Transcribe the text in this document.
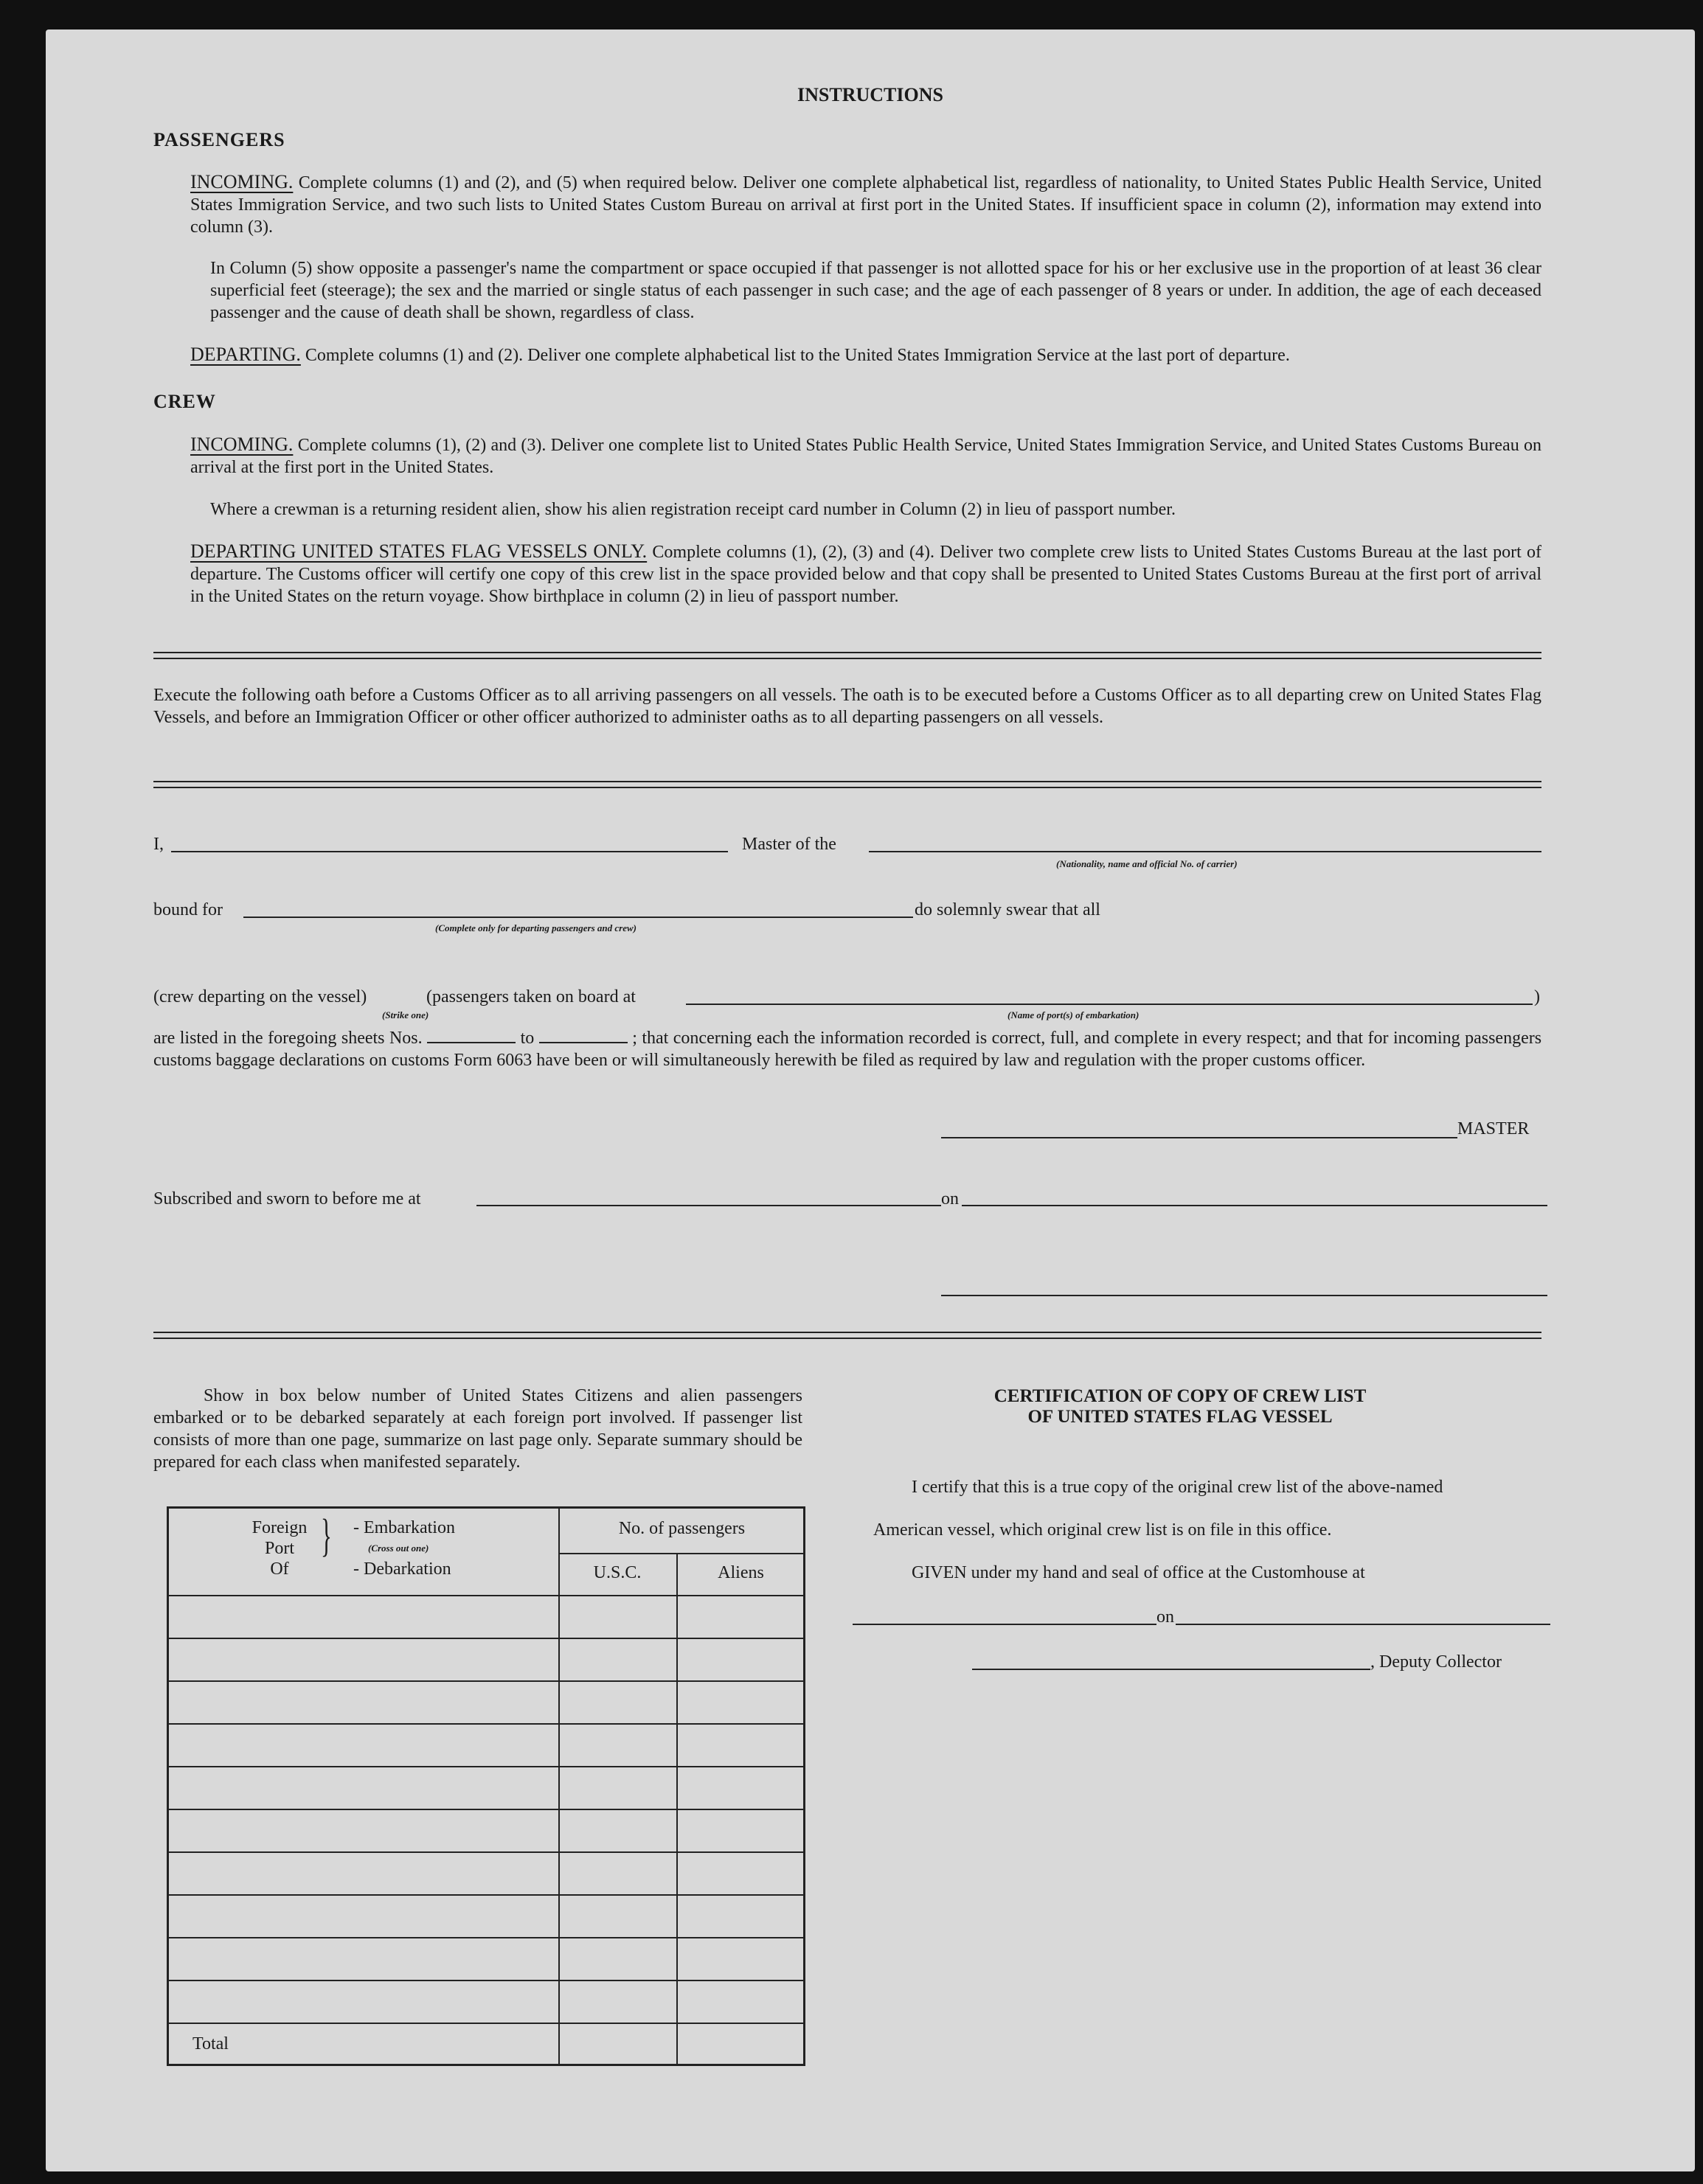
INSTRUCTIONS
PASSENGERS
INCOMING. Complete columns (1) and (2), and (5) when required below. Deliver one complete alphabetical list, regardless of nationality, to United States Public Health Service, United States Immigration Service, and two such lists to United States Custom Bureau on arrival at first port in the United States. If insufficient space in column (2), information may extend into column (3).
In Column (5) show opposite a passenger's name the compartment or space occupied if that passenger is not allotted space for his or her exclusive use in the proportion of at least 36 clear superficial feet (steerage); the sex and the married or single status of each passenger in such case; and the age of each passenger of 8 years or under. In addition, the age of each deceased passenger and the cause of death shall be shown, regardless of class.
DEPARTING. Complete columns (1) and (2). Deliver one complete alphabetical list to the United States Immigration Service at the last port of departure.
CREW
INCOMING. Complete columns (1), (2) and (3). Deliver one complete list to United States Public Health Service, United States Immigration Service, and United States Customs Bureau on arrival at the first port in the United States.
Where a crewman is a returning resident alien, show his alien registration receipt card number in Column (2) in lieu of passport number.
DEPARTING UNITED STATES FLAG VESSELS ONLY. Complete columns (1), (2), (3) and (4). Deliver two complete crew lists to United States Customs Bureau at the last port of departure. The Customs officer will certify one copy of this crew list in the space provided below and that copy shall be presented to United States Customs Bureau at the first port of arrival in the United States on the return voyage. Show birthplace in column (2) in lieu of passport number.
Execute the following oath before a Customs Officer as to all arriving passengers on all vessels. The oath is to be executed before a Customs Officer as to all departing crew on United States Flag Vessels, and before an Immigration Officer or other officer authorized to administer oaths as to all departing passengers on all vessels.
I,	Master of the
(Nationality, name and official No. of carrier)
bound for
(Complete only for departing passengers and crew)
do solemnly swear that all
(crew departing on the vessel)
(Strike one)
(passengers taken on board at
(Name of port(s) of embarkation)
)
are listed in the foregoing sheets Nos.	to	; that concerning each the information recorded is correct, full, and complete in every respect; and that for incoming passengers customs baggage declarations on customs Form 6063 have been or will simultaneously herewith be filed as required by law and regulation with the proper customs officer.
MASTER
Subscribed and sworn to before me at	on
Show in box below number of United States Citizens and alien passengers embarked or to be debarked separately at each foreign port involved. If passenger list consists of more than one page, summarize on last page only. Separate summary should be prepared for each class when manifested separately.
Foreign
Port
Of
} - Embarkation
(Cross out one)
- Debarkation
No. of passengers
U.S.C.	Aliens
Total
CERTIFICATION OF COPY OF CREW LIST
OF UNITED STATES FLAG VESSEL
I certify that this is a true copy of the original crew list of the above-named
American vessel, which original crew list is on file in this office.
GIVEN under my hand and seal of office at the Customhouse at
on
, Deputy Collector
